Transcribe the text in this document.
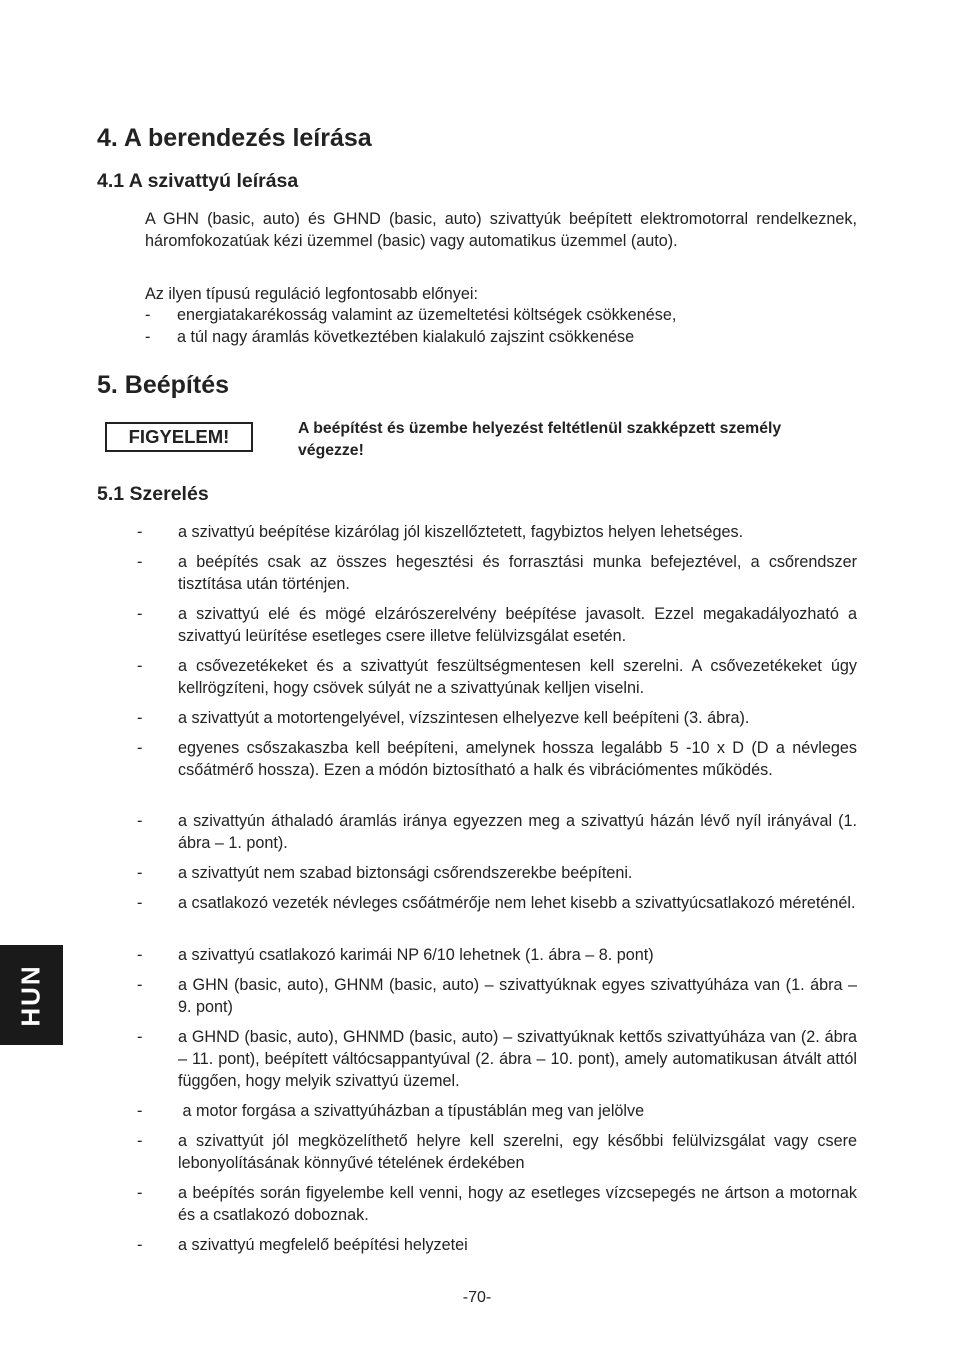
4. A berendezés leírása
4.1 A szivattyú leírása

A GHN (basic, auto) és GHND (basic, auto) szivattyúk beépített elektromotorral rendelkeznek, háromfokozatúak kézi üzemmel (basic) vagy automatikus üzemmel (auto).

Az ilyen típusú reguláció legfontosabb előnyei:

- energiatakarékosság valamint az üzemeltetési költségek csökkenése,
- a túl nagy áramlás következtében kialakuló zajszint csökkenése
5. Beépítés
FIGYELEM!	A beépítést és üzembe helyezést feltétlenül szakképzett személy végezze!
5.1 Szerelés
- a szivattyú beépítése kizárólag jól kiszellőztetett, fagybiztos helyen lehetséges.
- a beépítés csak az összes hegesztési és forrasztási munka befejeztével, a csőrendszer tisztítása után történjen.
- a szivattyú elé és mögé elzárószerelvény beépítése javasolt. Ezzel megakadályozható a szivattyú leürítése esetleges csere illetve felülvizsgálat esetén.
- a csővezetékeket és a szivattyút feszültségmentesen kell szerelni. A csővezetékeket úgy kellrögzíteni, hogy csövek súlyát ne a szivattyúnak kelljen viselni.
- a szivattyút a motortengelyével, vízszintesen elhelyezve kell beépíteni (3. ábra).
- egyenes csőszakaszba kell beépíteni, amelynek hossza legalább 5 -10 x D (D a névleges csőátmérő hossza). Ezen a módón biztosítható a halk és vibrációmentes működés.
- a szivattyún áthaladó áramlás iránya egyezzen meg a szivattyú házán lévő nyíl irányával (1. ábra – 1. pont).
- a szivattyút nem szabad biztonsági csőrendszerekbe beépíteni.
- a csatlakozó vezeték névleges csőátmérője nem lehet kisebb a szivattyúcsatlakozó méreténél.
- a szivattyú csatlakozó karimái NP 6/10 lehetnek (1. ábra – 8. pont)
- a GHN (basic, auto), GHNM (basic, auto) – szivattyúknak egyes szivattyúháza van (1. ábra – 9. pont)
- a GHND (basic, auto), GHNMD (basic, auto) – szivattyúknak kettős szivattyúháza van (2. ábra – 11. pont), beépített váltócsappantyúval (2. ábra – 10. pont), amely automatikusan átvált attól függően, hogy melyik szivattyú üzemel.
- a motor forgása a szivattyúházban a típustáblán meg van jelölve
- a szivattyút jól megközelíthető helyre kell szerelni, egy későbbi felülvizsgálat vagy csere lebonyolításának könnyűvé tételének érdekében
- a beépítés során figyelembe kell venni, hogy az esetleges vízcsepegés ne ártson a motornak és a csatlakozó doboznak.
- a szivattyú megfelelő beépítési helyzetei
HUN
-70-
